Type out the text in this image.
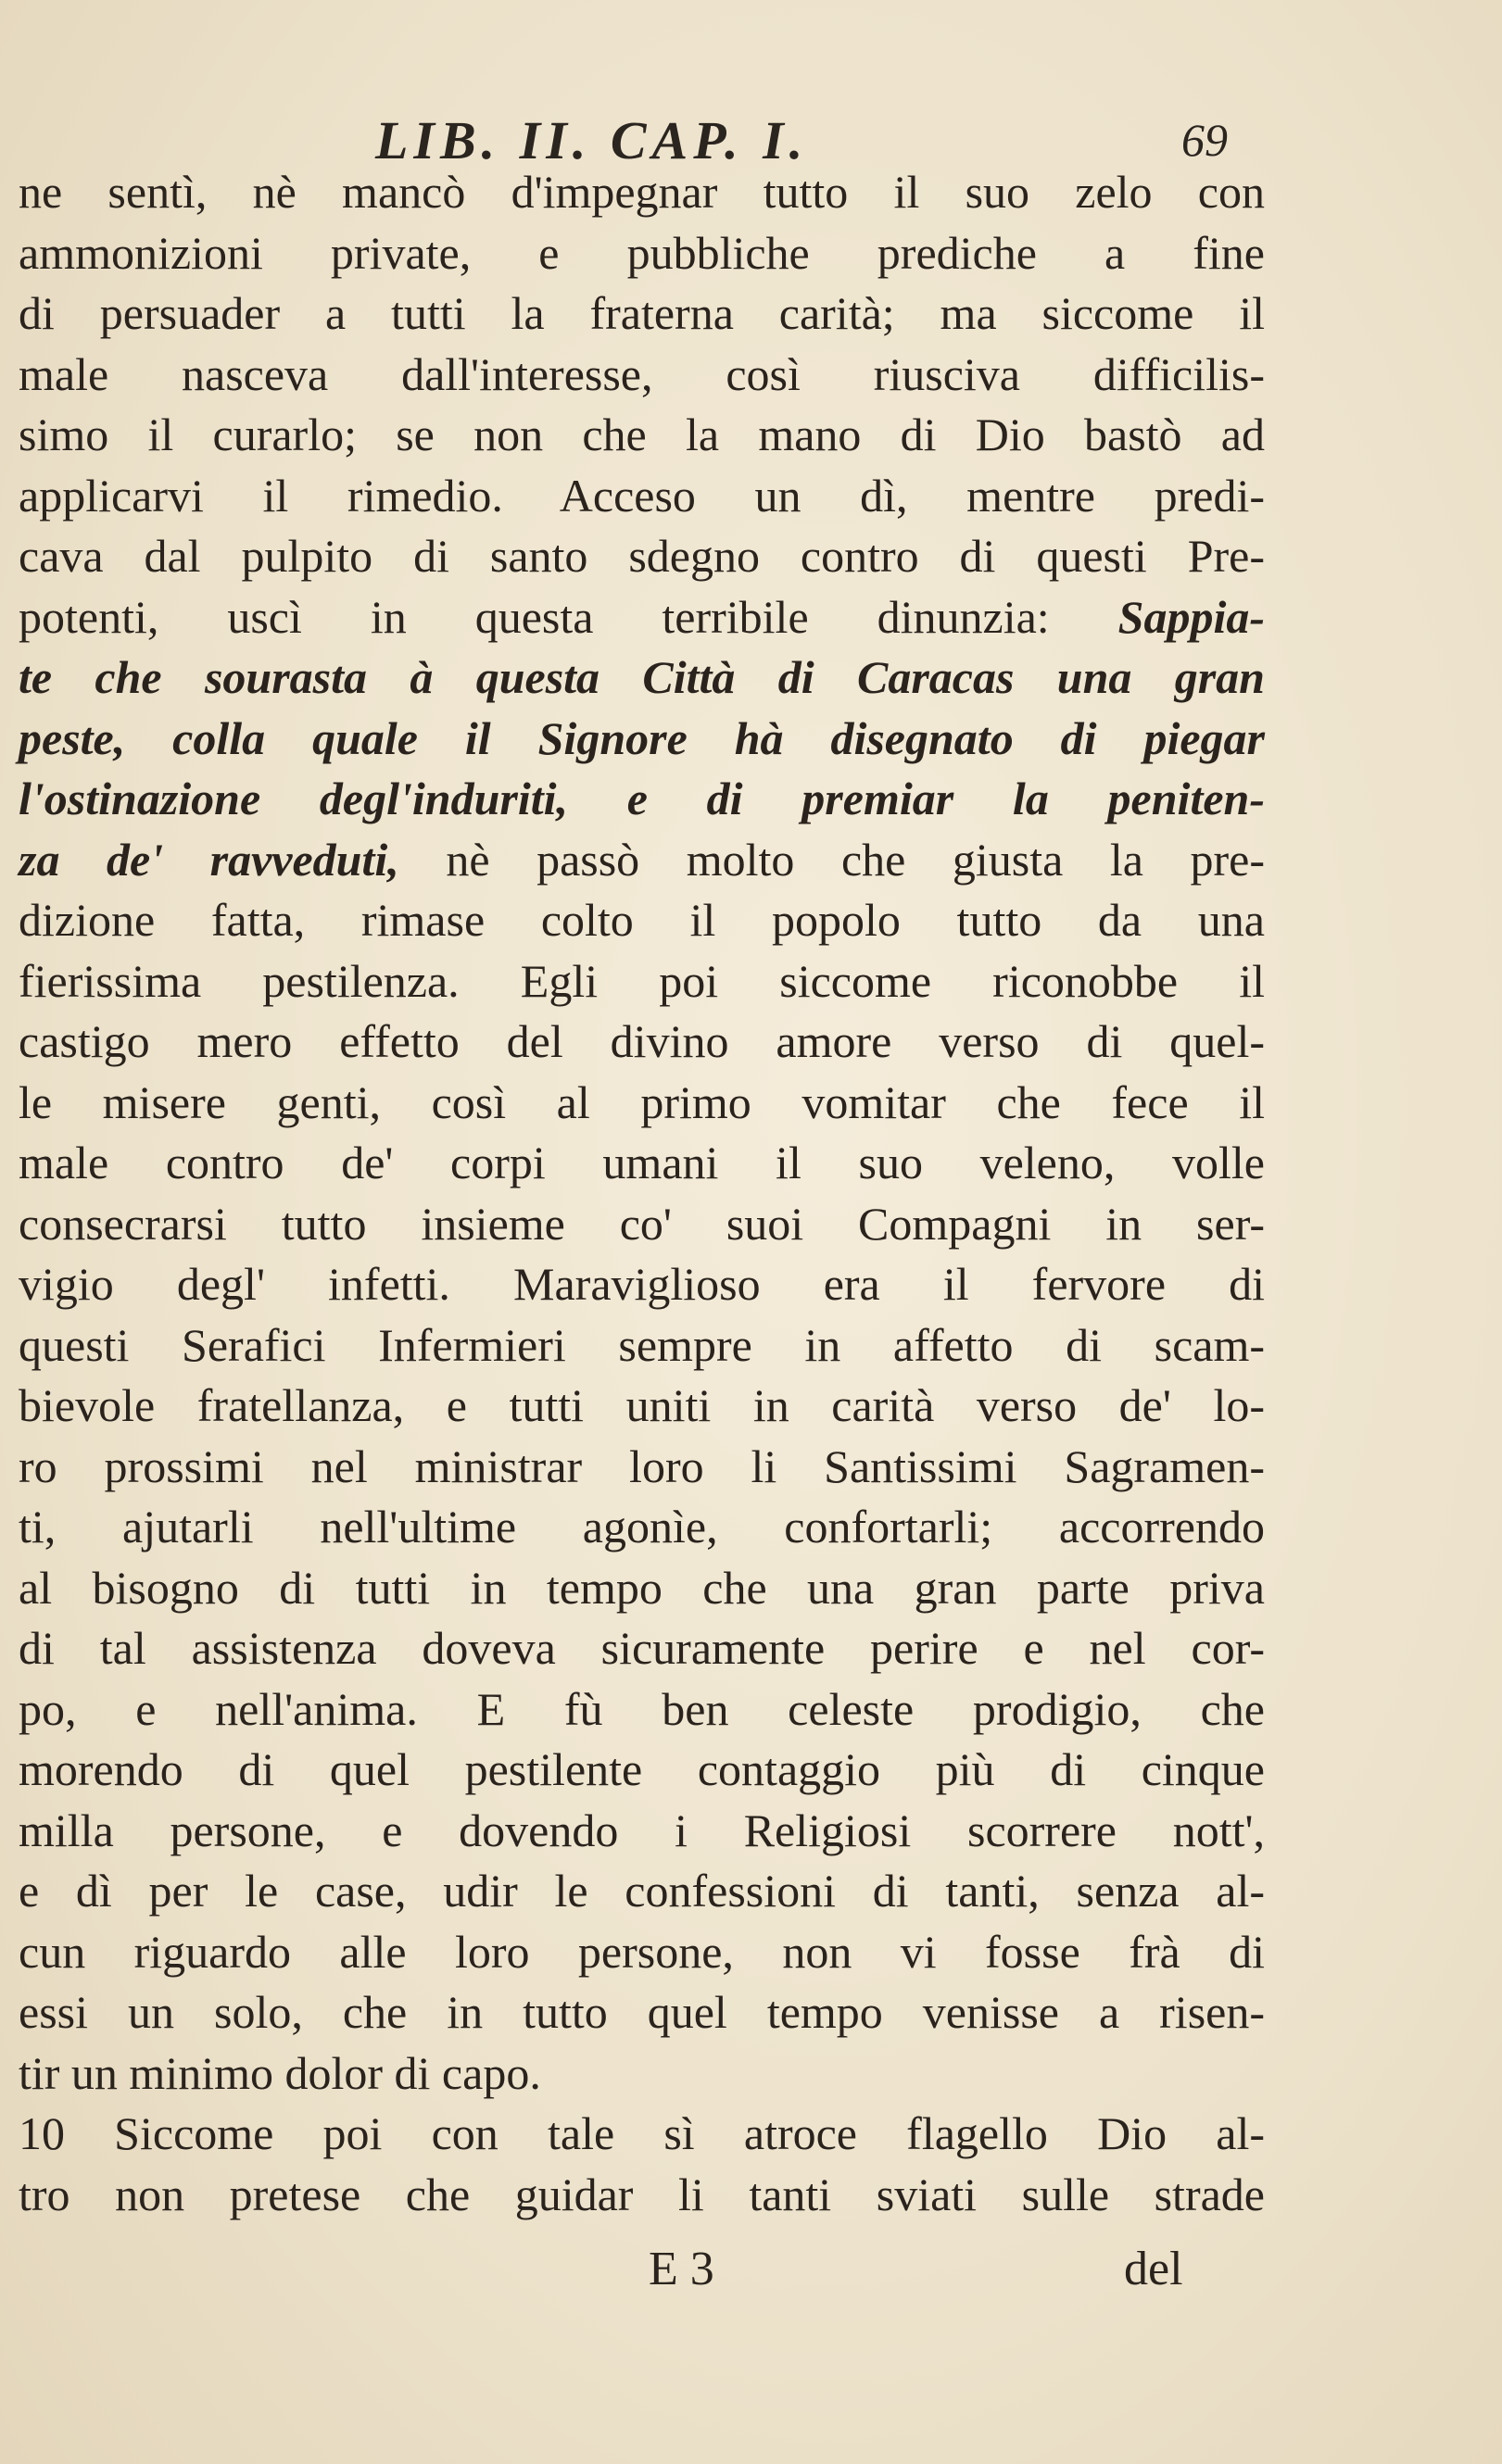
LIB. II. CAP. I.	69
ne sentì, nè mancò d'impegnar tutto il suo zelo con
ammonizioni private, e pubbliche prediche a fine
di persuader a tutti la fraterna carità; ma siccome il
male nasceva dall'interesse, così riusciva difficilis-
simo il curarlo; se non che la mano di Dio bastò ad
applicarvi il rimedio. Acceso un dì, mentre predi-
cava dal pulpito di santo sdegno contro di questi Pre-
potenti, uscì in questa terribile dinunzia: Sappia-
te che sourasta à questa Città di Caracas una gran
peste, colla quale il Signore hà disegnato di piegar
l'ostinazione degl'induriti, e di premiar la peniten-
za de' ravveduti, nè passò molto che giusta la pre-
dizione fatta, rimase colto il popolo tutto da una
fierissima pestilenza. Egli poi siccome riconobbe il
castigo mero effetto del divino amore verso di quel-
le misere genti, così al primo vomitar che fece il
male contro de' corpi umani il suo veleno, volle
consecrarsi tutto insieme co' suoi Compagni in ser-
vigio degl' infetti. Maraviglioso era il fervore di
questi Serafici Infermieri sempre in affetto di scam-
bievole fratellanza, e tutti uniti in carità verso de' lo-
ro prossimi nel ministrar loro li Santissimi Sagramen-
ti, ajutarli nell'ultime agonìe, confortarli; accorrendo
al bisogno di tutti in tempo che una gran parte priva
di tal assistenza doveva sicuramente perire e nel cor-
po, e nell'anima. E fù ben celeste prodigio, che
morendo di quel pestilente contaggio più di cinque
milla persone, e dovendo i Religiosi scorrere nott',
e dì per le case, udir le confessioni di tanti, senza al-
cun riguardo alle loro persone, non vi fosse frà di
essi un solo, che in tutto quel tempo venisse a risen-
tir un minimo dolor di capo.
10 Siccome poi con tale sì atroce flagello Dio al-
tro non pretese che guidar li tanti sviati sulle strade
E 3	del
